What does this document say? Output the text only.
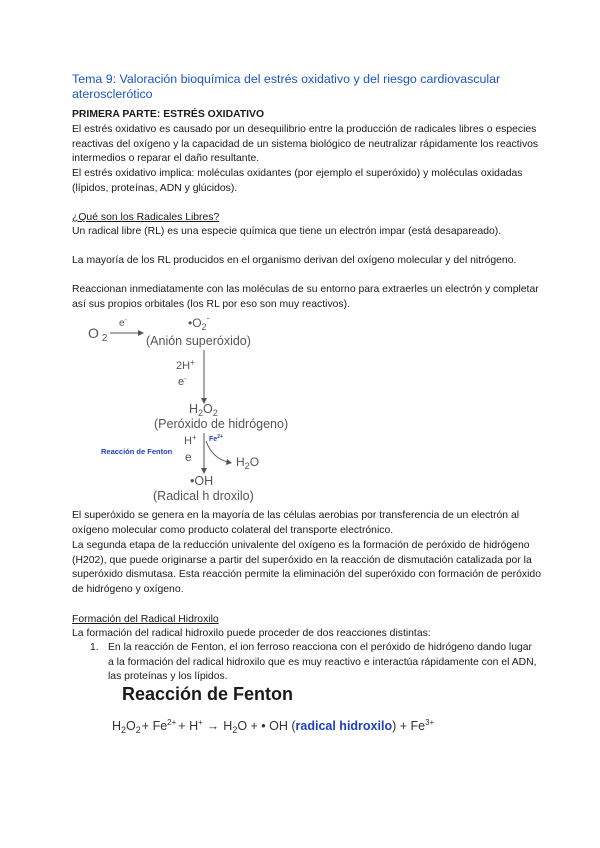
Tema 9: Valoración bioquímica del estrés oxidativo y del riesgo cardiovascular aterosclerótico
PRIMERA PARTE: ESTRÉS OXIDATIVO
El estrés oxidativo es causado por un desequilibrio entre la producción de radicales libres o especies reactivas del oxígeno y la capacidad de un sistema biológico de neutralizar rápidamente los reactivos intermedios o reparar el daño resultante.
El estrés oxidativo implica: moléculas oxidantes (por ejemplo el superóxido) y moléculas oxidadas (lípidos, proteínas, ADN y glúcidos).
¿Qué son los Radicales Libres?
Un radical libre (RL) es una especie química que tiene un electrón impar (está desapareado).
La mayoría de los RL producidos en el organismo derivan del oxígeno molecular y del nitrógeno.
Reaccionan inmediatamente con las moléculas de su entorno para extraerles un electrón y completar así sus propios orbitales (los RL por eso son muy reactivos).
O $_2$
e-	$•O_2^-$
(Anión superóxido)
2H+
e-
$H_2O_2$
(Peróxido de hidrógeno)
H+ $Fe^{2+}$
e	$H_2O$
Reacción de Fenton
•OH
(Radical h droxilo)
El superóxido se genera en la mayoría de las células aerobias por transferencia de un electrón al oxígeno molecular como producto colateral del transporte electrónico.
La segunda etapa de la reducción univalente del oxígeno es la formación de peróxido de hidrógeno (H202), que puede originarse a partir del superóxido en la reacción de dismutación catalizada por la superóxido dismutasa. Esta reacción permite la eliminación del superóxido con formación de peróxido de hidrógeno y oxígeno.
Formación del Radical Hidroxilo
La formación del radical hidroxilo puede proceder de dos reacciones distintas:
1. En la reacción de Fenton, el ion ferroso reacciona con el peróxido de hidrógeno dando lugar a la formación del radical hidroxilo que es muy reactivo e interactúa rápidamente con el ADN, las proteínas y los lípidos.
Reacción de Fenton
$H_2O_2+ Fe^{2+} + H^+ \to H_2O$ + • OH (radical hidroxilo) + $Fe^{3+}$
